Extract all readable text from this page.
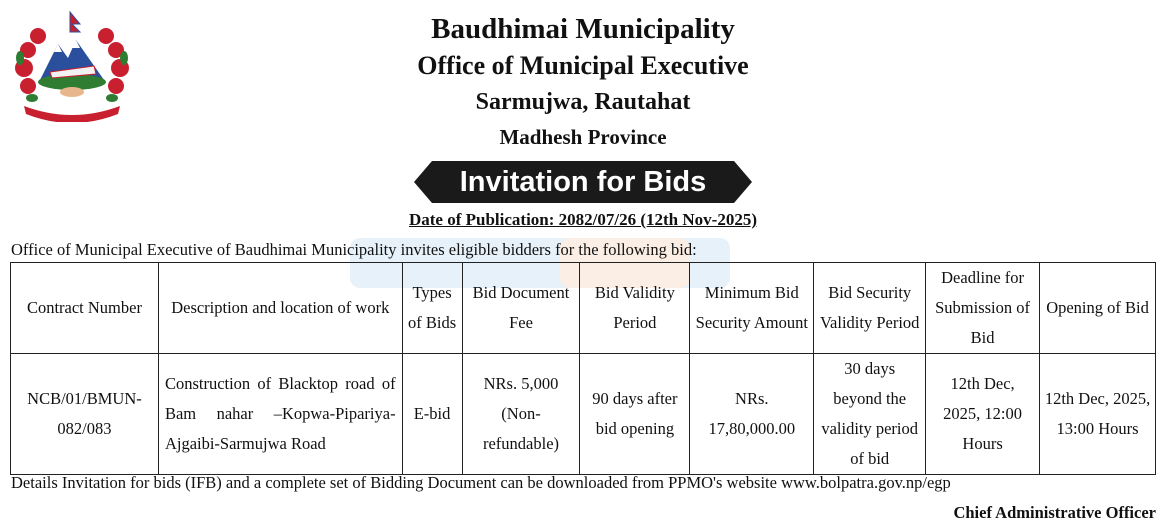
Baudhimai Municipality
Office of Municipal Executive
Sarmujwa, Rautahat
Madhesh Province
Invitation for Bids
Date of Publication: 2082/07/26 (12th Nov-2025)
Office of Municipal Executive of Baudhimai Municipality invites eligible bidders for the following bid:
Contract Number	Description and location of work	Types of Bids	Bid Document Fee	Bid Validity Period	Minimum Bid Security Amount	Bid Security Validity Period	Deadline for Submission of Bid	Opening of Bid
NCB/01/BMUN-082/083	Construction of Blacktop road of Bam nahar –Kopwa-Pipariya-Ajgaibi-Sarmujwa Road	E-bid	NRs. 5,000 (Non-refundable)	90 days after bid opening	NRs. 17,80,000.00	30 days beyond the validity period of bid	12th Dec, 2025, 12:00 Hours	12th Dec, 2025, 13:00 Hours
Details Invitation for bids (IFB) and a complete set of Bidding Document can be downloaded from PPMO's website www.bolpatra.gov.np/egp
Chief Administrative Officer
